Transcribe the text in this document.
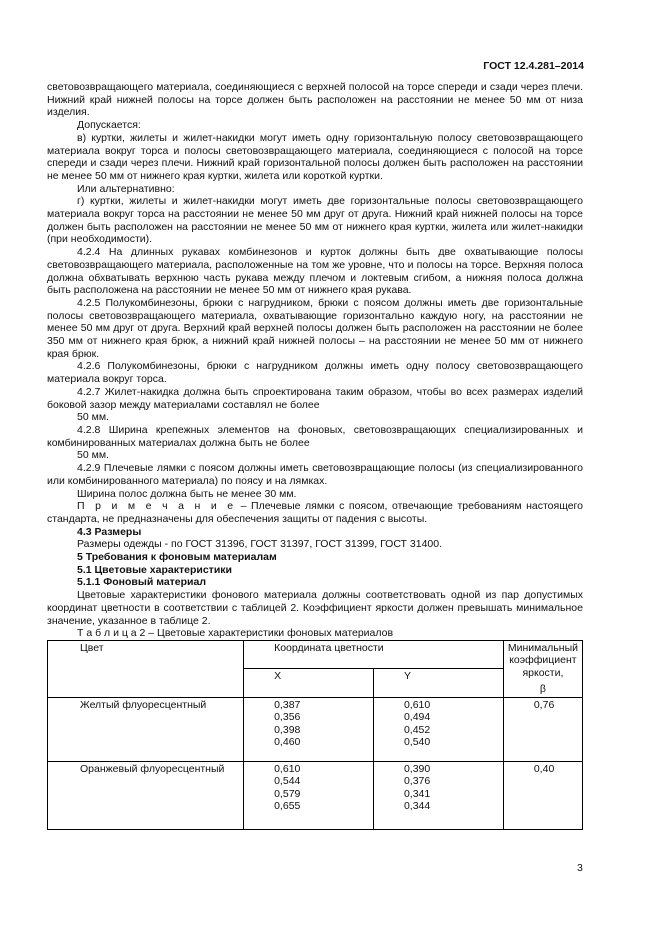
ГОСТ 12.4.281–2014

световозвращающего материала, соединяющиеся с верхней полосой на торсе спереди и сзади через плечи. Нижний край нижней полосы на торсе должен быть расположен на расстоянии не менее 50 мм от низа изделия.

Допускается:

в) куртки, жилеты и жилет-накидки могут иметь одну горизонтальную полосу световозвращающего материала вокруг торса и полосы световозвращающего материала, соединяющиеся с полосой на торсе спереди и сзади через плечи. Нижний край горизонтальной полосы должен быть расположен на расстоянии не менее 50 мм от нижнего края куртки, жилета или короткой куртки.

Или альтернативно:

г) куртки, жилеты и жилет-накидки могут иметь две горизонтальные полосы световозвращающего материала вокруг торса на расстоянии не менее 50 мм друг от друга. Нижний край нижней полосы на торсе должен быть расположен на расстоянии не менее 50 мм от нижнего края куртки, жилета или жилет-накидки (при необходимости).

4.2.4 На длинных рукавах комбинезонов и курток должны быть две охватывающие полосы световозвращающего материала, расположенные на том же уровне, что и полосы на торсе. Верхняя полоса должна обхватывать верхнюю часть рукава между плечом и локтевым сгибом, а нижняя полоса должна быть расположена на расстоянии не менее 50 мм от нижнего края рукава.

4.2.5 Полукомбинезоны, брюки с нагрудником, брюки с поясом должны иметь две горизонтальные полосы световозвращающего материала, охватывающие горизонтально каждую ногу, на расстоянии не менее 50 мм друг от друга. Верхний край верхней полосы должен быть расположен на расстоянии не более 350 мм от нижнего края брюк, а нижний край нижней полосы – на расстоянии не менее 50 мм от нижнего края брюк.

4.2.6 Полукомбинезоны, брюки с нагрудником должны иметь одну полосу световозвращающего материала вокруг торса.

4.2.7 Жилет-накидка должна быть спроектирована таким образом, чтобы во всех размерах изделий боковой зазор между материалами составлял не более

50 мм.

4.2.8 Ширина крепежных элементов на фоновых, световозвращающих специализированных и комбинированных материалах должна быть не более

50 мм.

4.2.9 Плечевые лямки с поясом должны иметь световозвращающие полосы (из специализированного или комбинированного материала) по поясу и на лямках.

Ширина полос должна быть не менее 30 мм.

П р и м е ч а н и е – Плечевые лямки с поясом, отвечающие требованиям настоящего стандарта, не предназначены для обеспечения защиты от падения с высоты.

4.3 Размеры

Размеры одежды - по ГОСТ 31396, ГОСТ 31397, ГОСТ 31399, ГОСТ 31400.

5 Требования к фоновым материалам

5.1 Цветовые характеристики

5.1.1 Фоновый материал

Цветовые характеристики фонового материала должны соответствовать одной из пар допустимых координат цветности в соответствии с таблицей 2. Коэффициент яркости должен превышать минимальное значение, указанное в таблице 2.

Т а б л и ц а 2 – Цветовые характеристики фоновых материалов

Цвет	Координата цветности		Минимальный коэффициент яркости,
β

	X	Y	
Желтый флуоресцентный	0,387
0,356
0,398
0,460	0,610
0,494
0,452
0,540	0,76

Оранжевый флуоресцентный	0,610
0,544
0,579
0,655	0,390
0,376
0,341
0,344	0,40
3
